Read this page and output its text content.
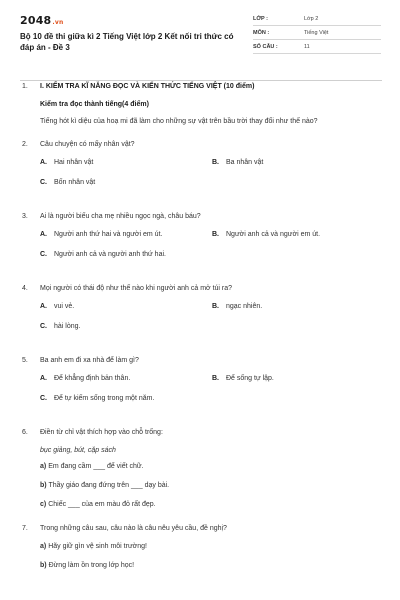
2048.vn
Bộ 10 đề thi giữa kì 2 Tiếng Việt lớp 2 Kết nối tri thức có đáp án - Đề 3
LỚP :	Lớp 2
MÔN :	Tiếng Việt
SỐ CÂU :	11
1. I. KIỂM TRA KĨ NĂNG ĐỌC VÀ KIẾN THỨC TIẾNG VIỆT (10 điểm)
Kiểm tra đọc thành tiếng(4 điểm)
Tiếng hót kì diệu của hoạ mi đã làm cho những sự vật trên bầu trời thay đổi như thế nào?
2. Câu chuyện có mấy nhân vật?
A. Hai nhân vật	B. Ba nhân vật
C. Bốn nhân vật
3. Ai là người biếu cha mẹ nhiều ngọc ngà, châu báu?
A. Người anh thứ hai và người em út.	B. Người anh cả và người em út.
C. Người anh cả và người anh thứ hai.
4. Mọi người có thái độ như thế nào khi người anh cả mở túi ra?
A. vui vẻ.	B. ngạc nhiên.
C. hài lòng.
5. Ba anh em đi xa nhà để làm gì?
A. Để khẳng định bản thân.	B. Để sống tự lập.
C. Để tự kiếm sống trong một năm.
6. Điền từ chỉ vật thích hợp vào chỗ trống:
bục giảng, bút, cặp sách
a) Em đang cầm ___ để viết chữ.
b) Thầy giáo đang đứng trên ___ dạy bài.
c) Chiếc ___ của em màu đỏ rất đẹp.
7. Trong những câu sau, câu nào là câu nêu yêu cầu, đề nghị?
a) Hãy giữ gìn vệ sinh môi trường!
b) Đừng làm ồn trong lớp học!
